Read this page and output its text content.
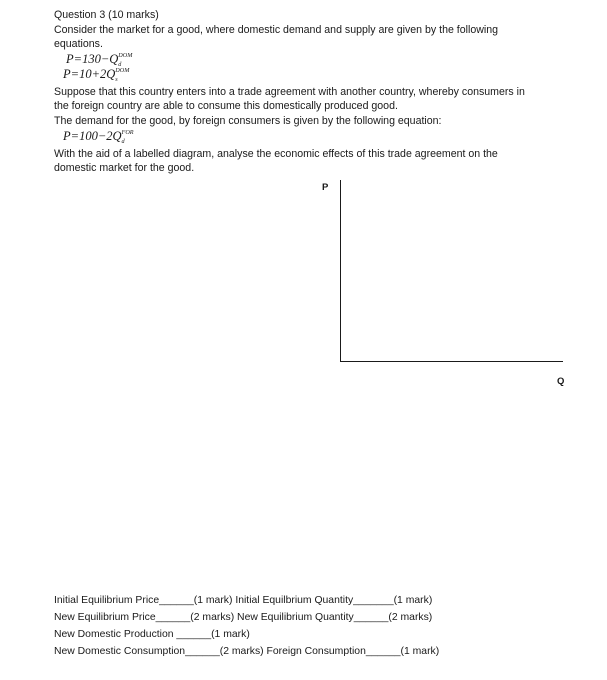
Question 3 (10 marks)
Consider the market for a good, where domestic demand and supply are given by the following
equations.
P=130−Q DOM
d
P=10+2Q DOM
s
Suppose that this country enters into a trade agreement with another country, whereby consumers in
the foreign country are able to consume this domestically produced good.
The demand for the good, by foreign consumers is given by the following equation:
P=100−2Q FOR
d
With the aid of a labelled diagram, analyse the economic effects of this trade agreement on the
domestic market for the good.
P
Q
Initial Equilibrium Price______(1 mark) Initial Equilbrium Quantity_______(1 mark)
New Equilibrium Price______(2 marks) New Equilibrium Quantity______(2 marks)
New Domestic Production ______(1 mark)
New Domestic Consumption______(2 marks) Foreign Consumption______(1 mark)
